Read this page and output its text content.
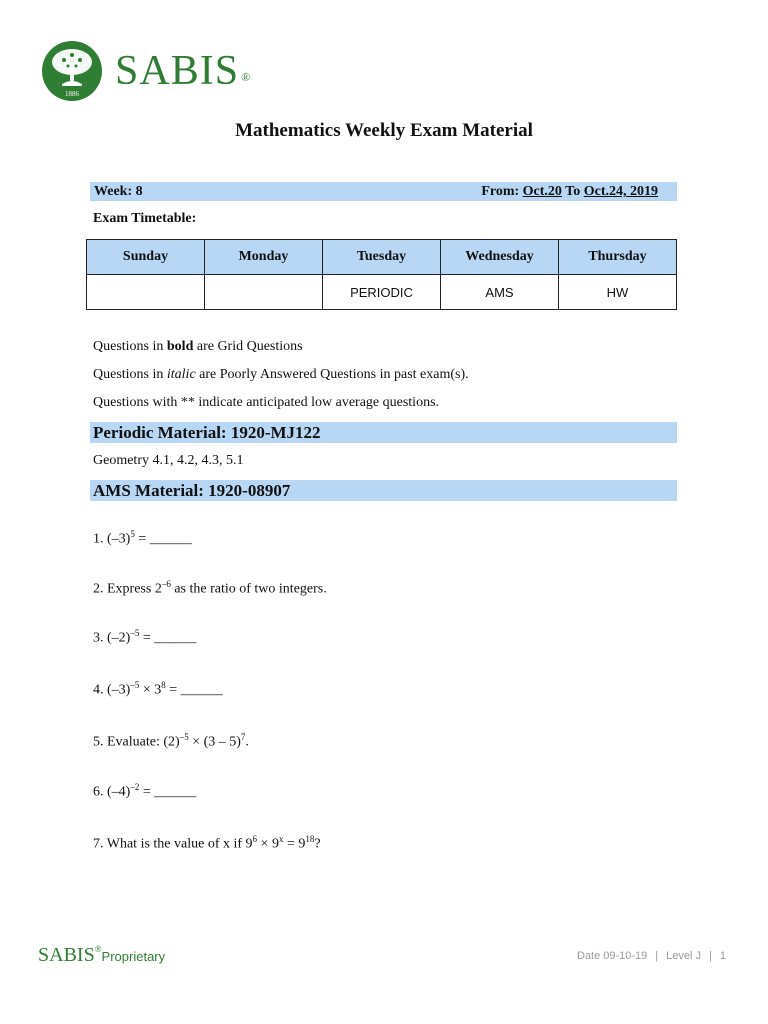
1886 SABIS ®
Mathematics Weekly Exam Material
Week: 8	From: Oct.20 To Oct.24, 2019
Exam Timetable:
Sunday	Monday	Tuesday	Wednesday	Thursday
		PERIODIC	AMS	HW
Questions in bold are Grid Questions
Questions in italic are Poorly Answered Questions in past exam(s).
Questions with ** indicate anticipated low average questions.
Periodic Material: 1920-MJ122
Geometry 4.1, 4.2, 4.3, 5.1
AMS Material: 1920-08907
1. $(-3)^5$ = ______
2. Express $2^{-6}$ as the ratio of two integers.
3. $(-2)^{-5}$ = ______
4. $(-3)^{-5} \times 3^8$ = ______
5. Evaluate: $(2)^{-5} \times (3 - 5)^7$.
6. $(-4)^{-2}$ = ______
7. What is the value of x if $9^6 \times 9^x = 9^{18}$?
SABIS®Proprietary	Date 09-10-19 | Level J | 1
